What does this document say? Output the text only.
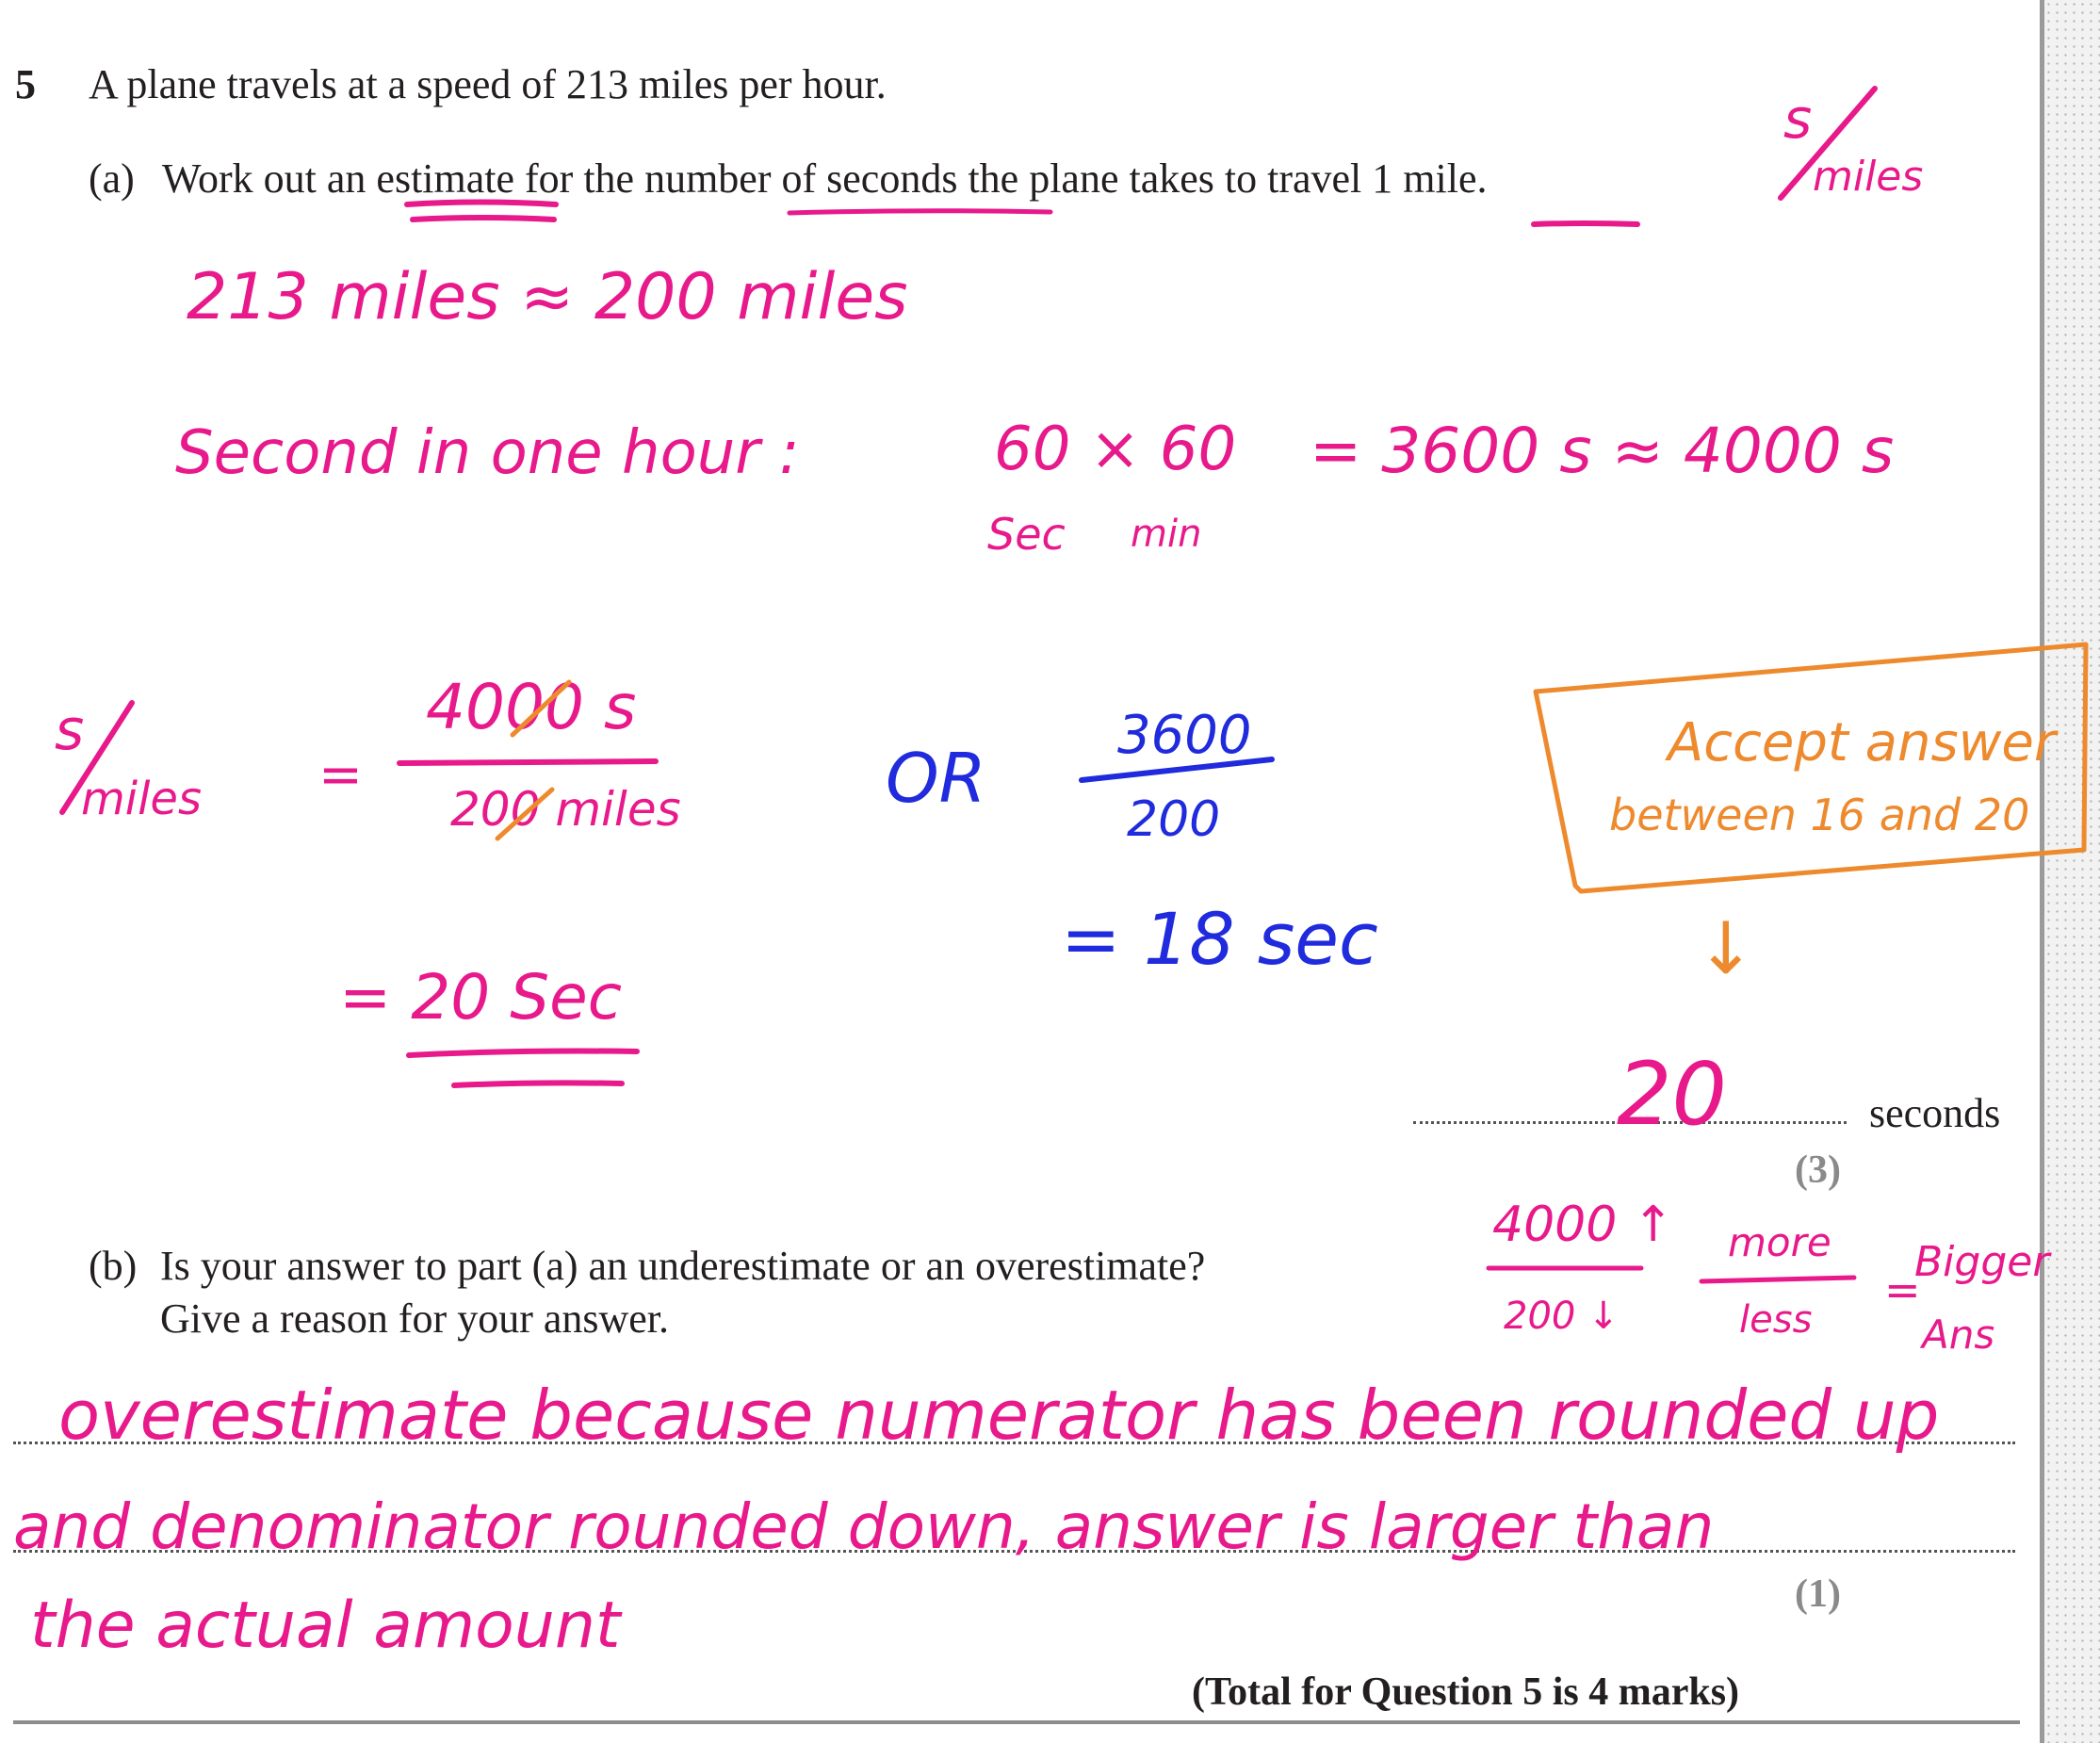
5 A plane travels at a speed of 213 miles per hour.
(a) Work out an estimate for the number of seconds the plane takes to travel 1 mile.
seconds
(3)
(b) Is your answer to part (a) an underestimate or an overestimate?
Give a reason for your answer.
(1)
(Total for Question 5 is 4 marks)
s
miles
213 miles ≈ 200 miles
Second in one hour :	60 × 60 = 3600 s ≈ 4000 s
Sec min
s
miles =
4000 s
200 miles
= 20 Sec
OR
3600
200
= 18 sec
Accept answer
between 16 and 20
↓
20
4000 ↑
200 ↓
more
less
=
Bigger
Ans
overestimate because numerator has been rounded up
and denominator rounded down, answer is larger than
the actual amount
